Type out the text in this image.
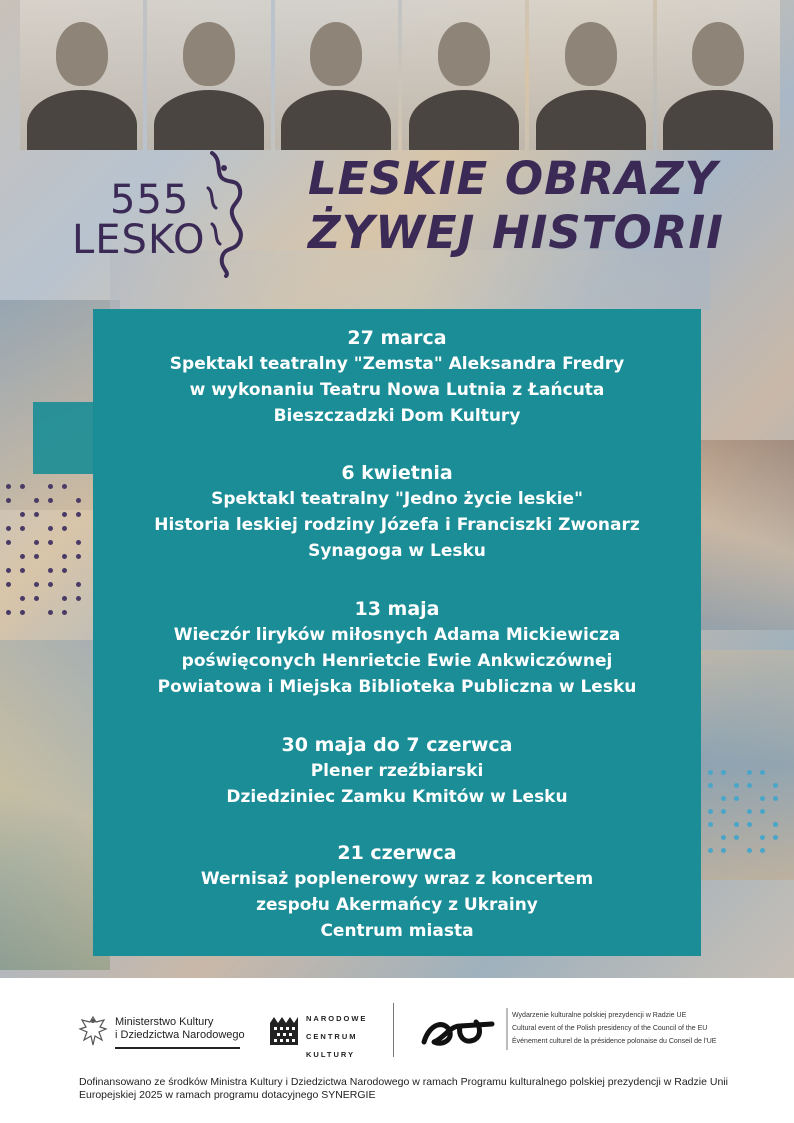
555
LESKO
LESKIE OBRAZY
ŻYWEJ HISTORII
27 marca
Spektakl teatralny "Zemsta" Aleksandra Fredry
w wykonaniu Teatru Nowa Lutnia z Łańcuta
Bieszczadzki Dom Kultury
6 kwietnia
Spektakl teatralny "Jedno życie leskie"
Historia leskiej rodziny Józefa i Franciszki Zwonarz
Synagoga w Lesku
13 maja
Wieczór liryków miłosnych Adama Mickiewicza
poświęconych Henrietcie Ewie Ankwiczównej
Powiatowa i Miejska Biblioteka Publiczna w Lesku
30 maja do 7 czerwca
Plener rzeźbiarski
Dziedziniec Zamku Kmitów w Lesku
21 czerwca
Wernisaż poplenerowy wraz z koncertem
zespołu Akermańcy z Ukrainy
Centrum miasta
Ministerstwo Kultury
i Dziedzictwa Narodowego
NARODOWE
CENTRUM
KULTURY
Wydarzenie kulturalne polskiej prezydencji w Radzie UE
Cultural event of the Polish presidency of the Council of the EU
Événement culturel de la présidence polonaise du Conseil de l'UE
Dofinansowano ze środków Ministra Kultury i Dziedzictwa Narodowego w ramach Programu kulturalnego polskiej prezydencji w Radzie Unii Europejskiej 2025 w ramach programu dotacyjnego SYNERGIE
